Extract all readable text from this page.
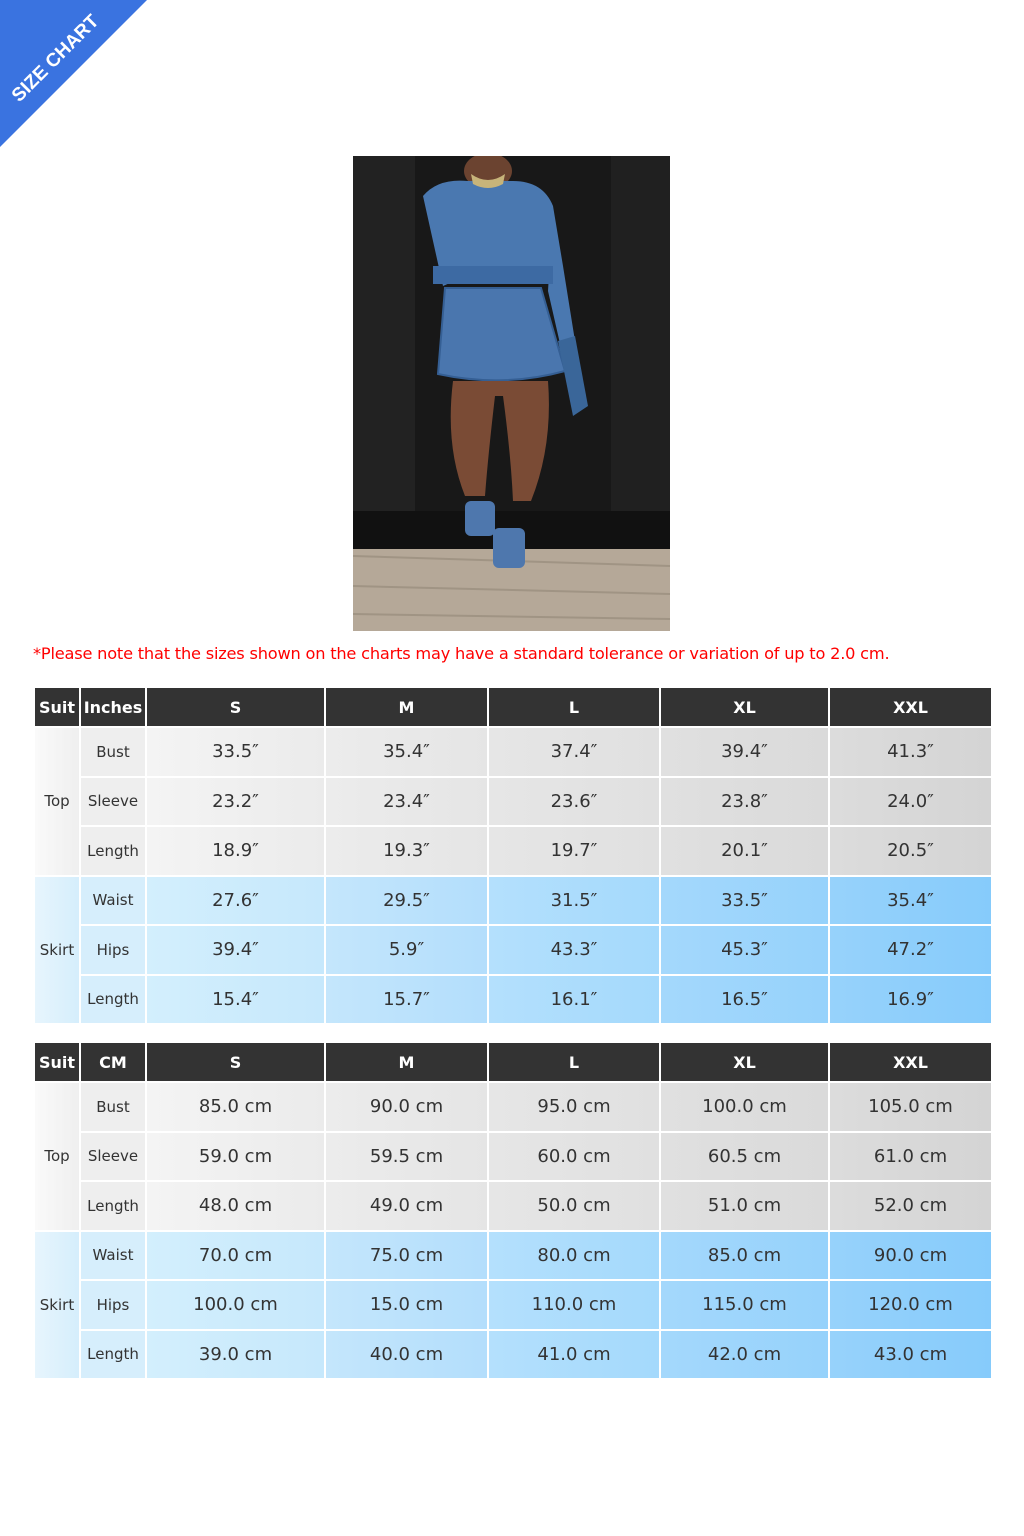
SIZE CHART
*Please note that the sizes shown on the charts may have a standard tolerance or variation of up to 2.0 cm.
Suit	Inches	S	M	L	XL	XXL
Top	Bust	33.5″	35.4″	37.4″	39.4″	41.3″
	Sleeve	23.2″	23.4″	23.6″	23.8″	24.0″
	Length	18.9″	19.3″	19.7″	20.1″	20.5″
Skirt	Waist	27.6″	29.5″	31.5″	33.5″	35.4″
	Hips	39.4″	5.9″	43.3″	45.3″	47.2″
	Length	15.4″	15.7″	16.1″	16.5″	16.9″
Suit	CM	S	M	L	XL	XXL
Top	Bust	85.0 cm	90.0 cm	95.0 cm	100.0 cm	105.0 cm
	Sleeve	59.0 cm	59.5 cm	60.0 cm	60.5 cm	61.0 cm
	Length	48.0 cm	49.0 cm	50.0 cm	51.0 cm	52.0 cm
Skirt	Waist	70.0 cm	75.0 cm	80.0 cm	85.0 cm	90.0 cm
	Hips	100.0 cm	15.0 cm	110.0 cm	115.0 cm	120.0 cm
	Length	39.0 cm	40.0 cm	41.0 cm	42.0 cm	43.0 cm
